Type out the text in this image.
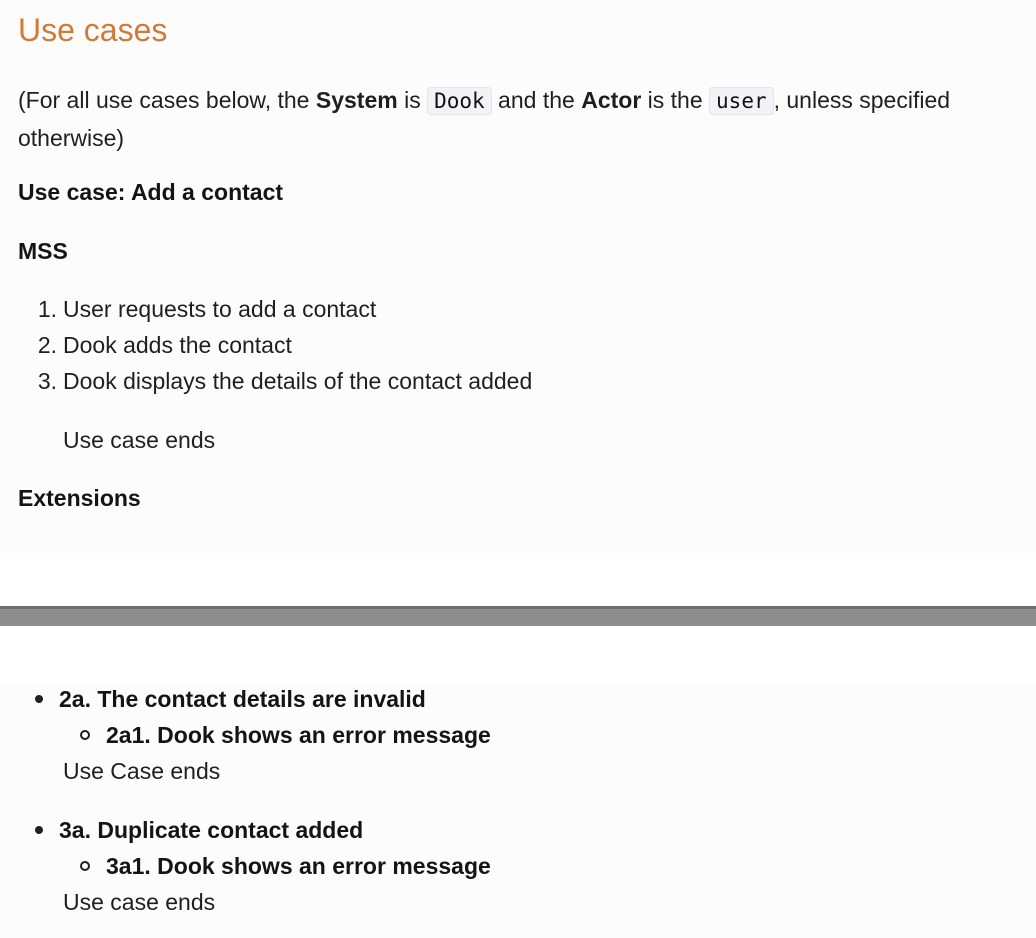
Use cases

(For all use cases below, the System is Dook and the Actor is the user , unless specified otherwise)

Use case: Add a contact
MSS
1. User requests to add a contact
2. Dook adds the contact
3. Dook displays the details of the contact added
Use case ends
Extensions
2a. The contact details are invalid
2a1. Dook shows an error message
Use Case ends
3a. Duplicate contact added
3a1. Dook shows an error message
Use case ends
